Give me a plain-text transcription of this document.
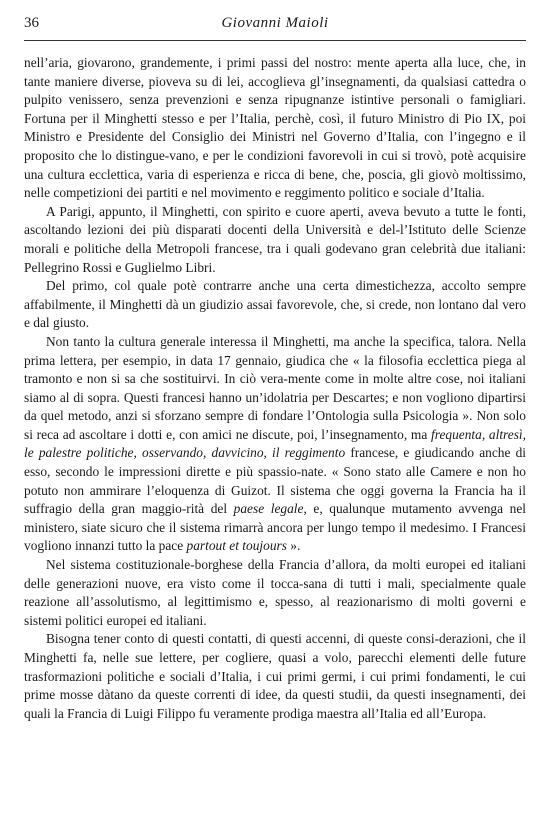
36	Giovanni Maioli

nell’aria, giovarono, grandemente, i primi passi del nostro: mente aperta alla luce, che, in tante maniere diverse, pioveva su di lei, accoglieva gl’insegnamenti, da qualsiasi cattedra o pulpito venissero, senza prevenzioni e senza ripugnanze istintive personali o famigliari. Fortuna per il Minghetti stesso e per l’Italia, perchè, così, il futuro Ministro di Pio IX, poi Ministro e Presidente del Consiglio dei Ministri nel Governo d’Italia, con l’ingegno e il proposito che lo distingue-vano, e per le condizioni favorevoli in cui si trovò, potè acquisire una cultura ecclettica, varia di esperienza e ricca di bene, che, poscia, gli giovò moltissimo, nelle competizioni dei partiti e nel movimento e reggimento politico e sociale d’Italia.

A Parigi, appunto, il Minghetti, con spirito e cuore aperti, aveva bevuto a tutte le fonti, ascoltando lezioni dei più disparati docenti della Università e del-l’Istituto delle Scienze morali e politiche della Metropoli francese, tra i quali godevano gran celebrità due italiani: Pellegrino Rossi e Guglielmo Libri.

Del primo, col quale potè contrarre anche una certa dimestichezza, accolto sempre affabilmente, il Minghetti dà un giudizio assai favorevole, che, si crede, non lontano dal vero e dal giusto.

Non tanto la cultura generale interessa il Minghetti, ma anche la specifica, talora. Nella prima lettera, per esempio, in data 17 gennaio, giudica che « la filosofia ecclettica piega al tramonto e non si sa che sostituirvi. In ciò vera-mente come in molte altre cose, noi italiani siamo al di sopra. Questi francesi hanno un’idolatria per Descartes; e non vogliono dipartirsi da quel metodo, anzi si sforzano sempre di fondare l’Ontologia sulla Psicologia ». Non solo si reca ad ascoltare i dotti e, con amici ne discute, poi, l’insegnamento, ma frequenta, altresì, le palestre politiche, osservando, davvicino, il reggimento francese, e giudicando anche di esso, secondo le impressioni dirette e più spassio-nate. « Sono stato alle Camere e non ho potuto non ammirare l’eloquenza di Guizot. Il sistema che oggi governa la Francia ha il suffragio della gran maggio-rità del paese legale, e, qualunque mutamento avvenga nel ministero, siate sicuro che il sistema rimarrà ancora per lungo tempo il medesimo. I Francesi vogliono innanzi tutto la pace partout et toujours ».

Nel sistema costituzionale-borghese della Francia d’allora, da molti europei ed italiani delle generazioni nuove, era visto come il tocca-sana di tutti i mali, specialmente quale reazione all’assolutismo, al legittimismo e, spesso, al reazionarismo di molti governi e sistemi politici europei ed italiani.

Bisogna tener conto di questi contatti, di questi accenni, di queste consi-derazioni, che il Minghetti fa, nelle sue lettere, per cogliere, quasi a volo, parecchi elementi delle future trasformazioni politiche e sociali d’Italia, i cui primi germi, i cui primi fondamenti, le cui prime mosse dàtano da queste correnti di idee, da questi studii, da questi insegnamenti, dei quali la Francia di Luigi Filippo fu veramente prodiga maestra all’Italia ed all’Europa.
